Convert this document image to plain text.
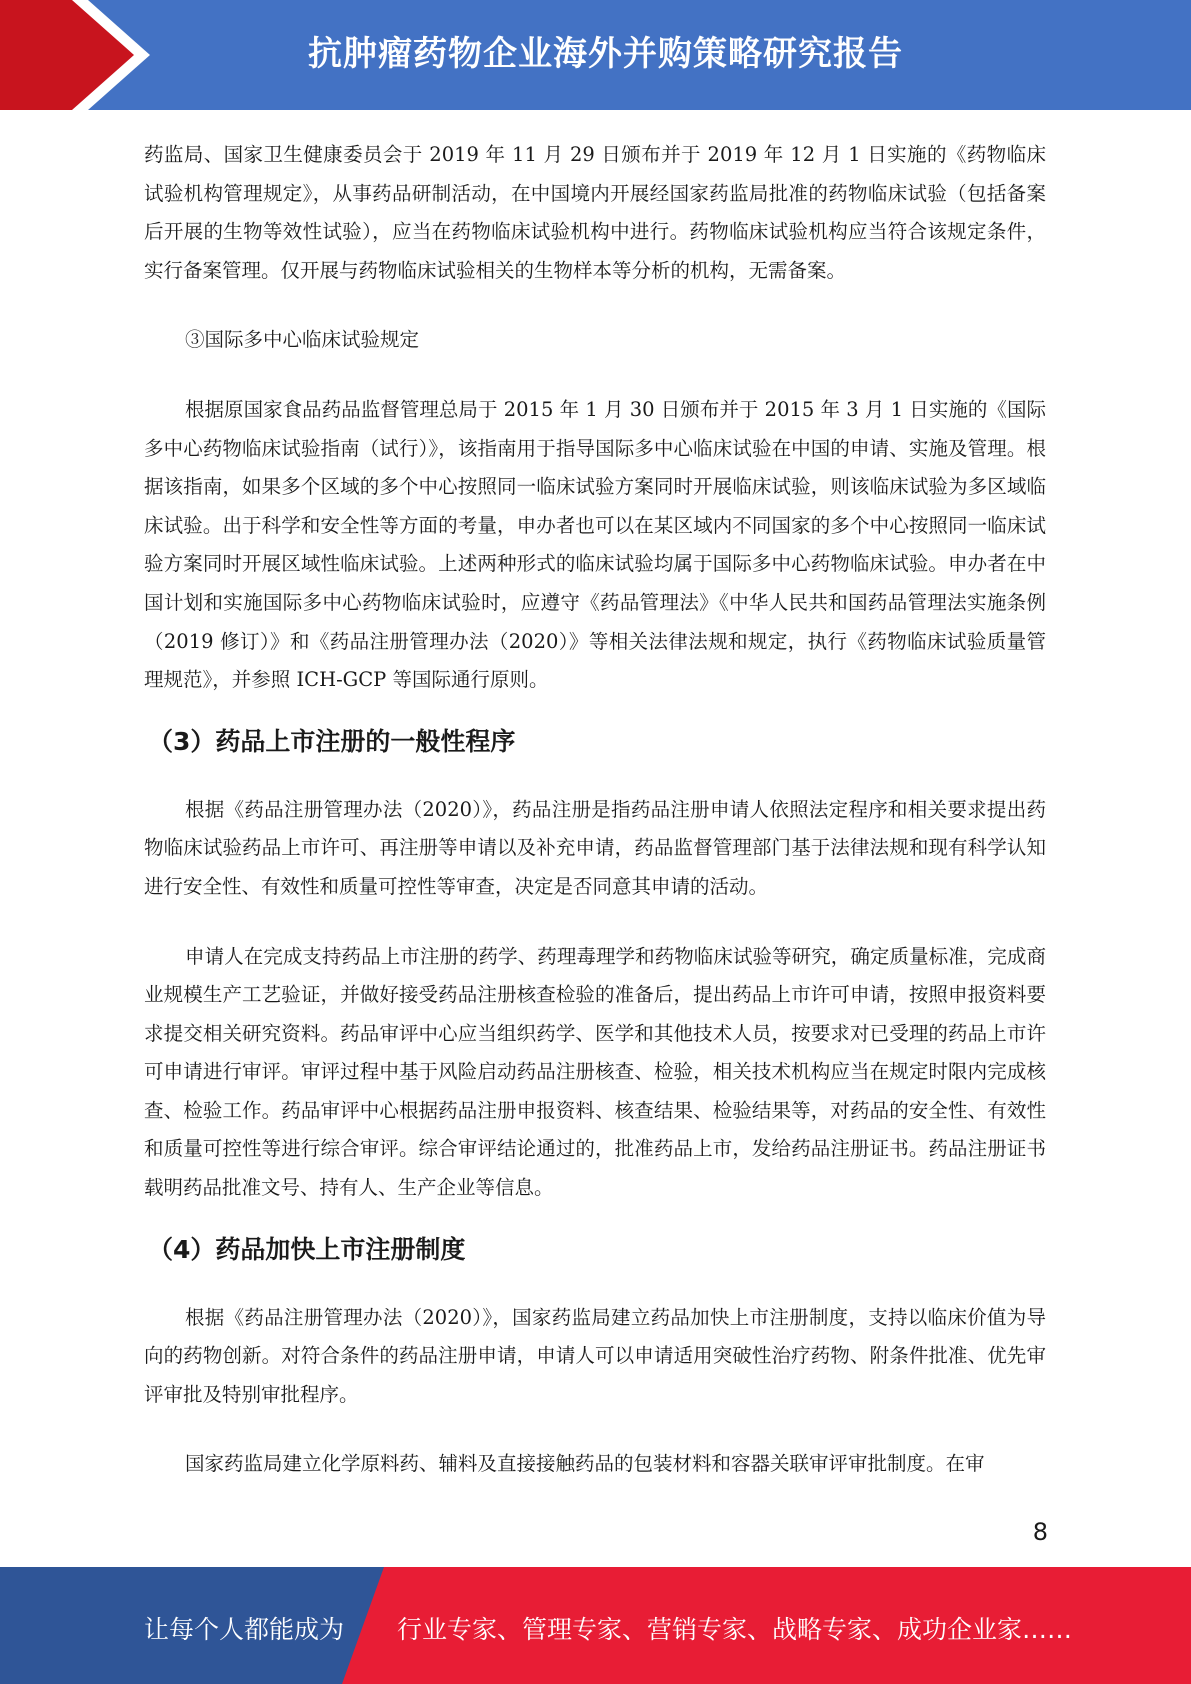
抗肿瘤药物企业海外并购策略研究报告

药监局、国家卫生健康委员会于 2019 年 11 月 29 日颁布并于 2019 年 12 月 1 日实施的《药物临床试验机构管理规定》，从事药品研制活动，在中国境内开展经国家药监局批准的药物临床试验（包括备案后开展的生物等效性试验），应当在药物临床试验机构中进行。药物临床试验机构应当符合该规定条件，实行备案管理。仅开展与药物临床试验相关的生物样本等分析的机构，无需备案。

③国际多中心临床试验规定

根据原国家食品药品监督管理总局于 2015 年 1 月 30 日颁布并于 2015 年 3 月 1 日实施的《国际多中心药物临床试验指南（试行）》，该指南用于指导国际多中心临床试验在中国的申请、实施及管理。根据该指南，如果多个区域的多个中心按照同一临床试验方案同时开展临床试验，则该临床试验为多区域临床试验。出于科学和安全性等方面的考量，申办者也可以在某区域内不同国家的多个中心按照同一临床试验方案同时开展区域性临床试验。上述两种形式的临床试验均属于国际多中心药物临床试验。申办者在中国计划和实施国际多中心药物临床试验时，应遵守《药品管理法》《中华人民共和国药品管理法实施条例（2019 修订）》和《药品注册管理办法（2020）》等相关法律法规和规定，执行《药物临床试验质量管理规范》，并参照 ICH-GCP 等国际通行原则。

（3）药品上市注册的一般性程序

根据《药品注册管理办法（2020）》，药品注册是指药品注册申请人依照法定程序和相关要求提出药物临床试验药品上市许可、再注册等申请以及补充申请，药品监督管理部门基于法律法规和现有科学认知进行安全性、有效性和质量可控性等审查，决定是否同意其申请的活动。

申请人在完成支持药品上市注册的药学、药理毒理学和药物临床试验等研究，确定质量标准，完成商业规模生产工艺验证，并做好接受药品注册核查检验的准备后，提出药品上市许可申请，按照申报资料要求提交相关研究资料。药品审评中心应当组织药学、医学和其他技术人员，按要求对已受理的药品上市许可申请进行审评。审评过程中基于风险启动药品注册核查、检验，相关技术机构应当在规定时限内完成核查、检验工作。药品审评中心根据药品注册申报资料、核查结果、检验结果等，对药品的安全性、有效性和质量可控性等进行综合审评。综合审评结论通过的，批准药品上市，发给药品注册证书。药品注册证书载明药品批准文号、持有人、生产企业等信息。

（4）药品加快上市注册制度

根据《药品注册管理办法（2020）》，国家药监局建立药品加快上市注册制度，支持以临床价值为导向的药物创新。对符合条件的药品注册申请，申请人可以申请适用突破性治疗药物、附条件批准、优先审评审批及特别审批程序。

国家药监局建立化学原料药、辅料及直接接触药品的包装材料和容器关联审评审批制度。在审

8
让每个人都能成为 行业专家、管理专家、营销专家、战略专家、成功企业家……
